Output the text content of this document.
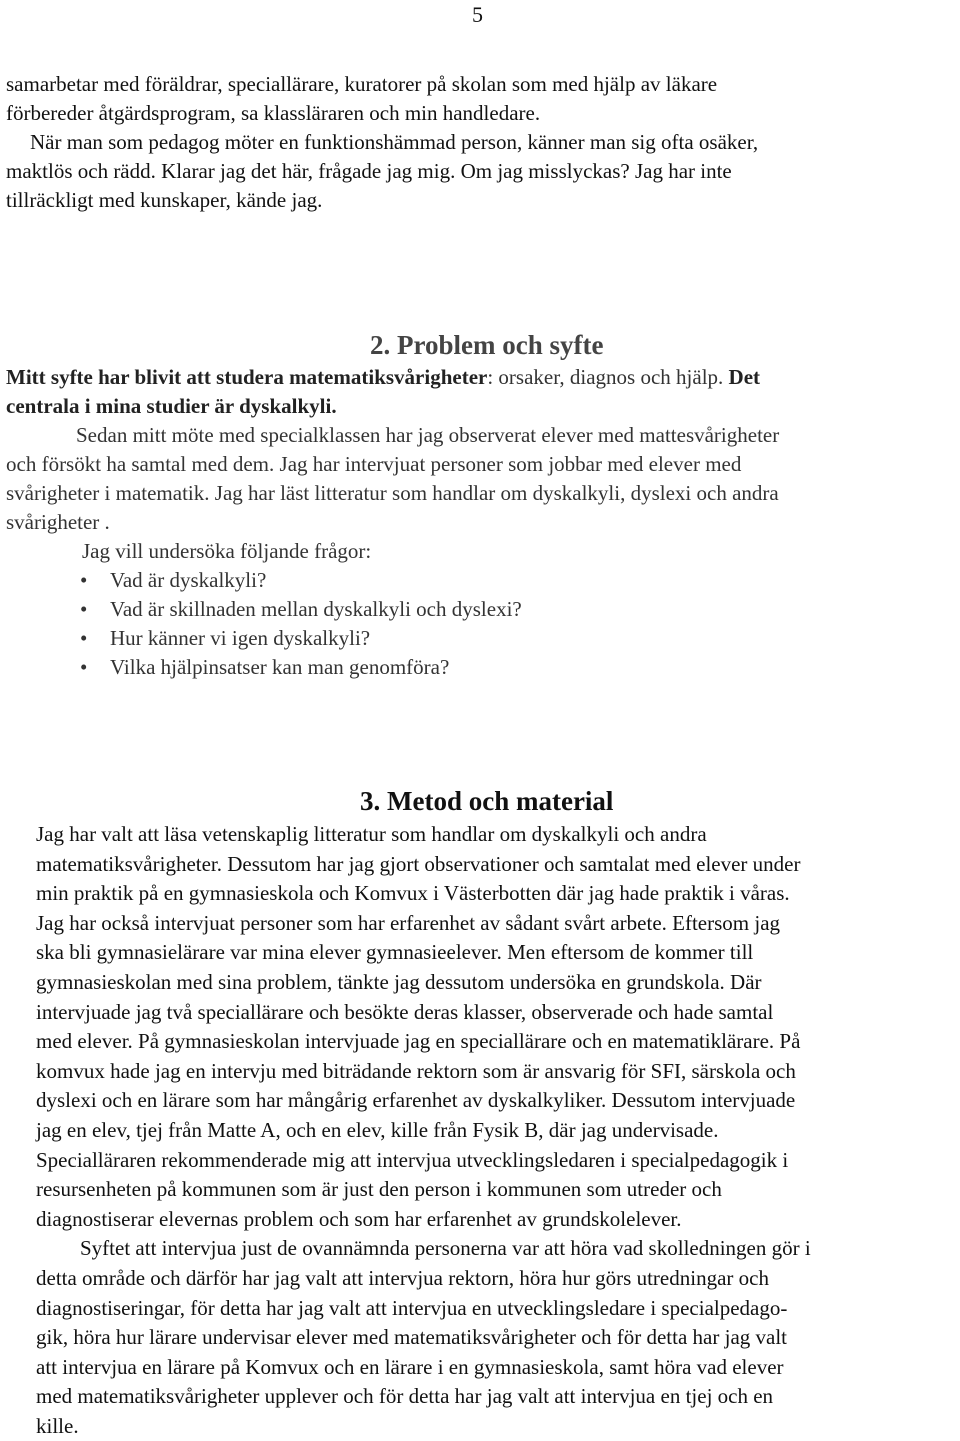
5
samarbetar med föräldrar, speciallärare, kuratorer på skolan som med hjälp av läkare
förbereder åtgärdsprogram, sa klassläraren och min handledare.
När man som pedagog möter en funktionshämmad person, känner man sig ofta osäker,
maktlös och rädd. Klarar jag det här, frågade jag mig. Om jag misslyckas? Jag har inte
tillräckligt med kunskaper, kände jag.
2. Problem och syfte
Mitt syfte har blivit att studera matematiksvårigheter: orsaker, diagnos och hjälp. Det
centrala i mina studier är dyskalkyli.
Sedan mitt möte med specialklassen har jag observerat elever med mattesvårigheter
och försökt ha samtal med dem. Jag har intervjuat personer som jobbar med elever med
svårigheter i matematik. Jag har läst litteratur som handlar om dyskalkyli, dyslexi och andra
svårigheter .
Jag vill undersöka följande frågor:
• Vad är dyskalkyli?
• Vad är skillnaden mellan dyskalkyli och dyslexi?
• Hur känner vi igen dyskalkyli?
• Vilka hjälpinsatser kan man genomföra?
3. Metod och material
Jag har valt att läsa vetenskaplig litteratur som handlar om dyskalkyli och andra
matematiksvårigheter. Dessutom har jag gjort observationer och samtalat med elever under
min praktik på en gymnasieskola och Komvux i Västerbotten där jag hade praktik i våras.
Jag har också intervjuat personer som har erfarenhet av sådant svårt arbete. Eftersom jag
ska bli gymnasielärare var mina elever gymnasieelever. Men eftersom de kommer till
gymnasieskolan med sina problem, tänkte jag dessutom undersöka en grundskola. Där
intervjuade jag två speciallärare och besökte deras klasser, observerade och hade samtal
med elever. På gymnasieskolan intervjuade jag en speciallärare och en matematiklärare. På
komvux hade jag en intervju med biträdande rektorn som är ansvarig för SFI, särskola och
dyslexi och en lärare som har mångårig erfarenhet av dyskalkyliker. Dessutom intervjuade
jag en elev, tjej från Matte A, och en elev, kille från Fysik B, där jag undervisade.
Specialläraren rekommenderade mig att intervjua utvecklingsledaren i specialpedagogik i
resursenheten på kommunen som är just den person i kommunen som utreder och
diagnostiserar elevernas problem och som har erfarenhet av grundskolelever.
Syftet att intervjua just de ovannämnda personerna var att höra vad skolledningen gör i
detta område och därför har jag valt att intervjua rektorn, höra hur görs utredningar och
diagnostiseringar, för detta har jag valt att intervjua en utvecklingsledare i specialpedago-
gik, höra hur lärare undervisar elever med matematiksvårigheter och för detta har jag valt
att intervjua en lärare på Komvux och en lärare i en gymnasieskola, samt höra vad elever
med matematiksvårigheter upplever och för detta har jag valt att intervjua en tjej och en
kille.
